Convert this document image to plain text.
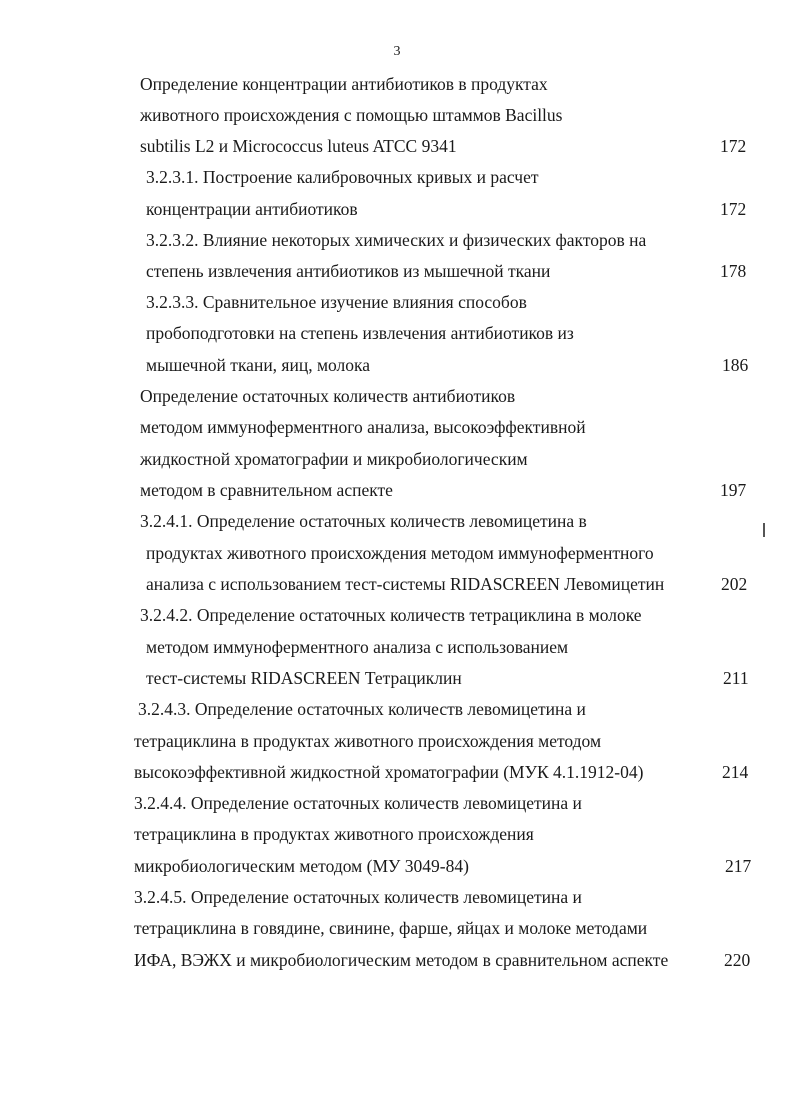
3
Определение концентрации антибиотиков в продуктах
животного происхождения с помощью штаммов Bacillus
subtilis L2 и Micrococcus luteus ATCC 9341	172
3.2.3.1. Построение калибровочных кривых и расчет
концентрации антибиотиков	172
3.2.3.2. Влияние некоторых химических и физических факторов на
степень извлечения антибиотиков из мышечной ткани	178
3.2.3.3. Сравнительное изучение влияния способов
пробоподготовки на степень извлечения антибиотиков из
мышечной ткани, яиц, молока	186
Определение остаточных количеств антибиотиков
методом иммуноферментного анализа, высокоэффективной
жидкостной хроматографии и микробиологическим
методом в сравнительном аспекте	197
3.2.4.1. Определение остаточных количеств левомицетина в
продуктах животного происхождения методом иммуноферментного
анализа с использованием тест-системы RIDASCREEN Левомицетин	202
3.2.4.2. Определение остаточных количеств тетрациклина в молоке
методом иммуноферментного анализа с использованием
тест-системы RIDASCREEN Тетрациклин	211
3.2.4.3. Определение остаточных количеств левомицетина и
тетрациклина в продуктах животного происхождения методом
высокоэффективной жидкостной хроматографии (МУК 4.1.1912-04)	214
3.2.4.4. Определение остаточных количеств левомицетина и
тетрациклина в продуктах животного происхождения
микробиологическим методом (МУ 3049-84)	217
3.2.4.5. Определение остаточных количеств левомицетина и
тетрациклина в говядине, свинине, фарше, яйцах и молоке методами
ИФА, ВЭЖХ и микробиологическим методом в сравнительном аспекте	220
